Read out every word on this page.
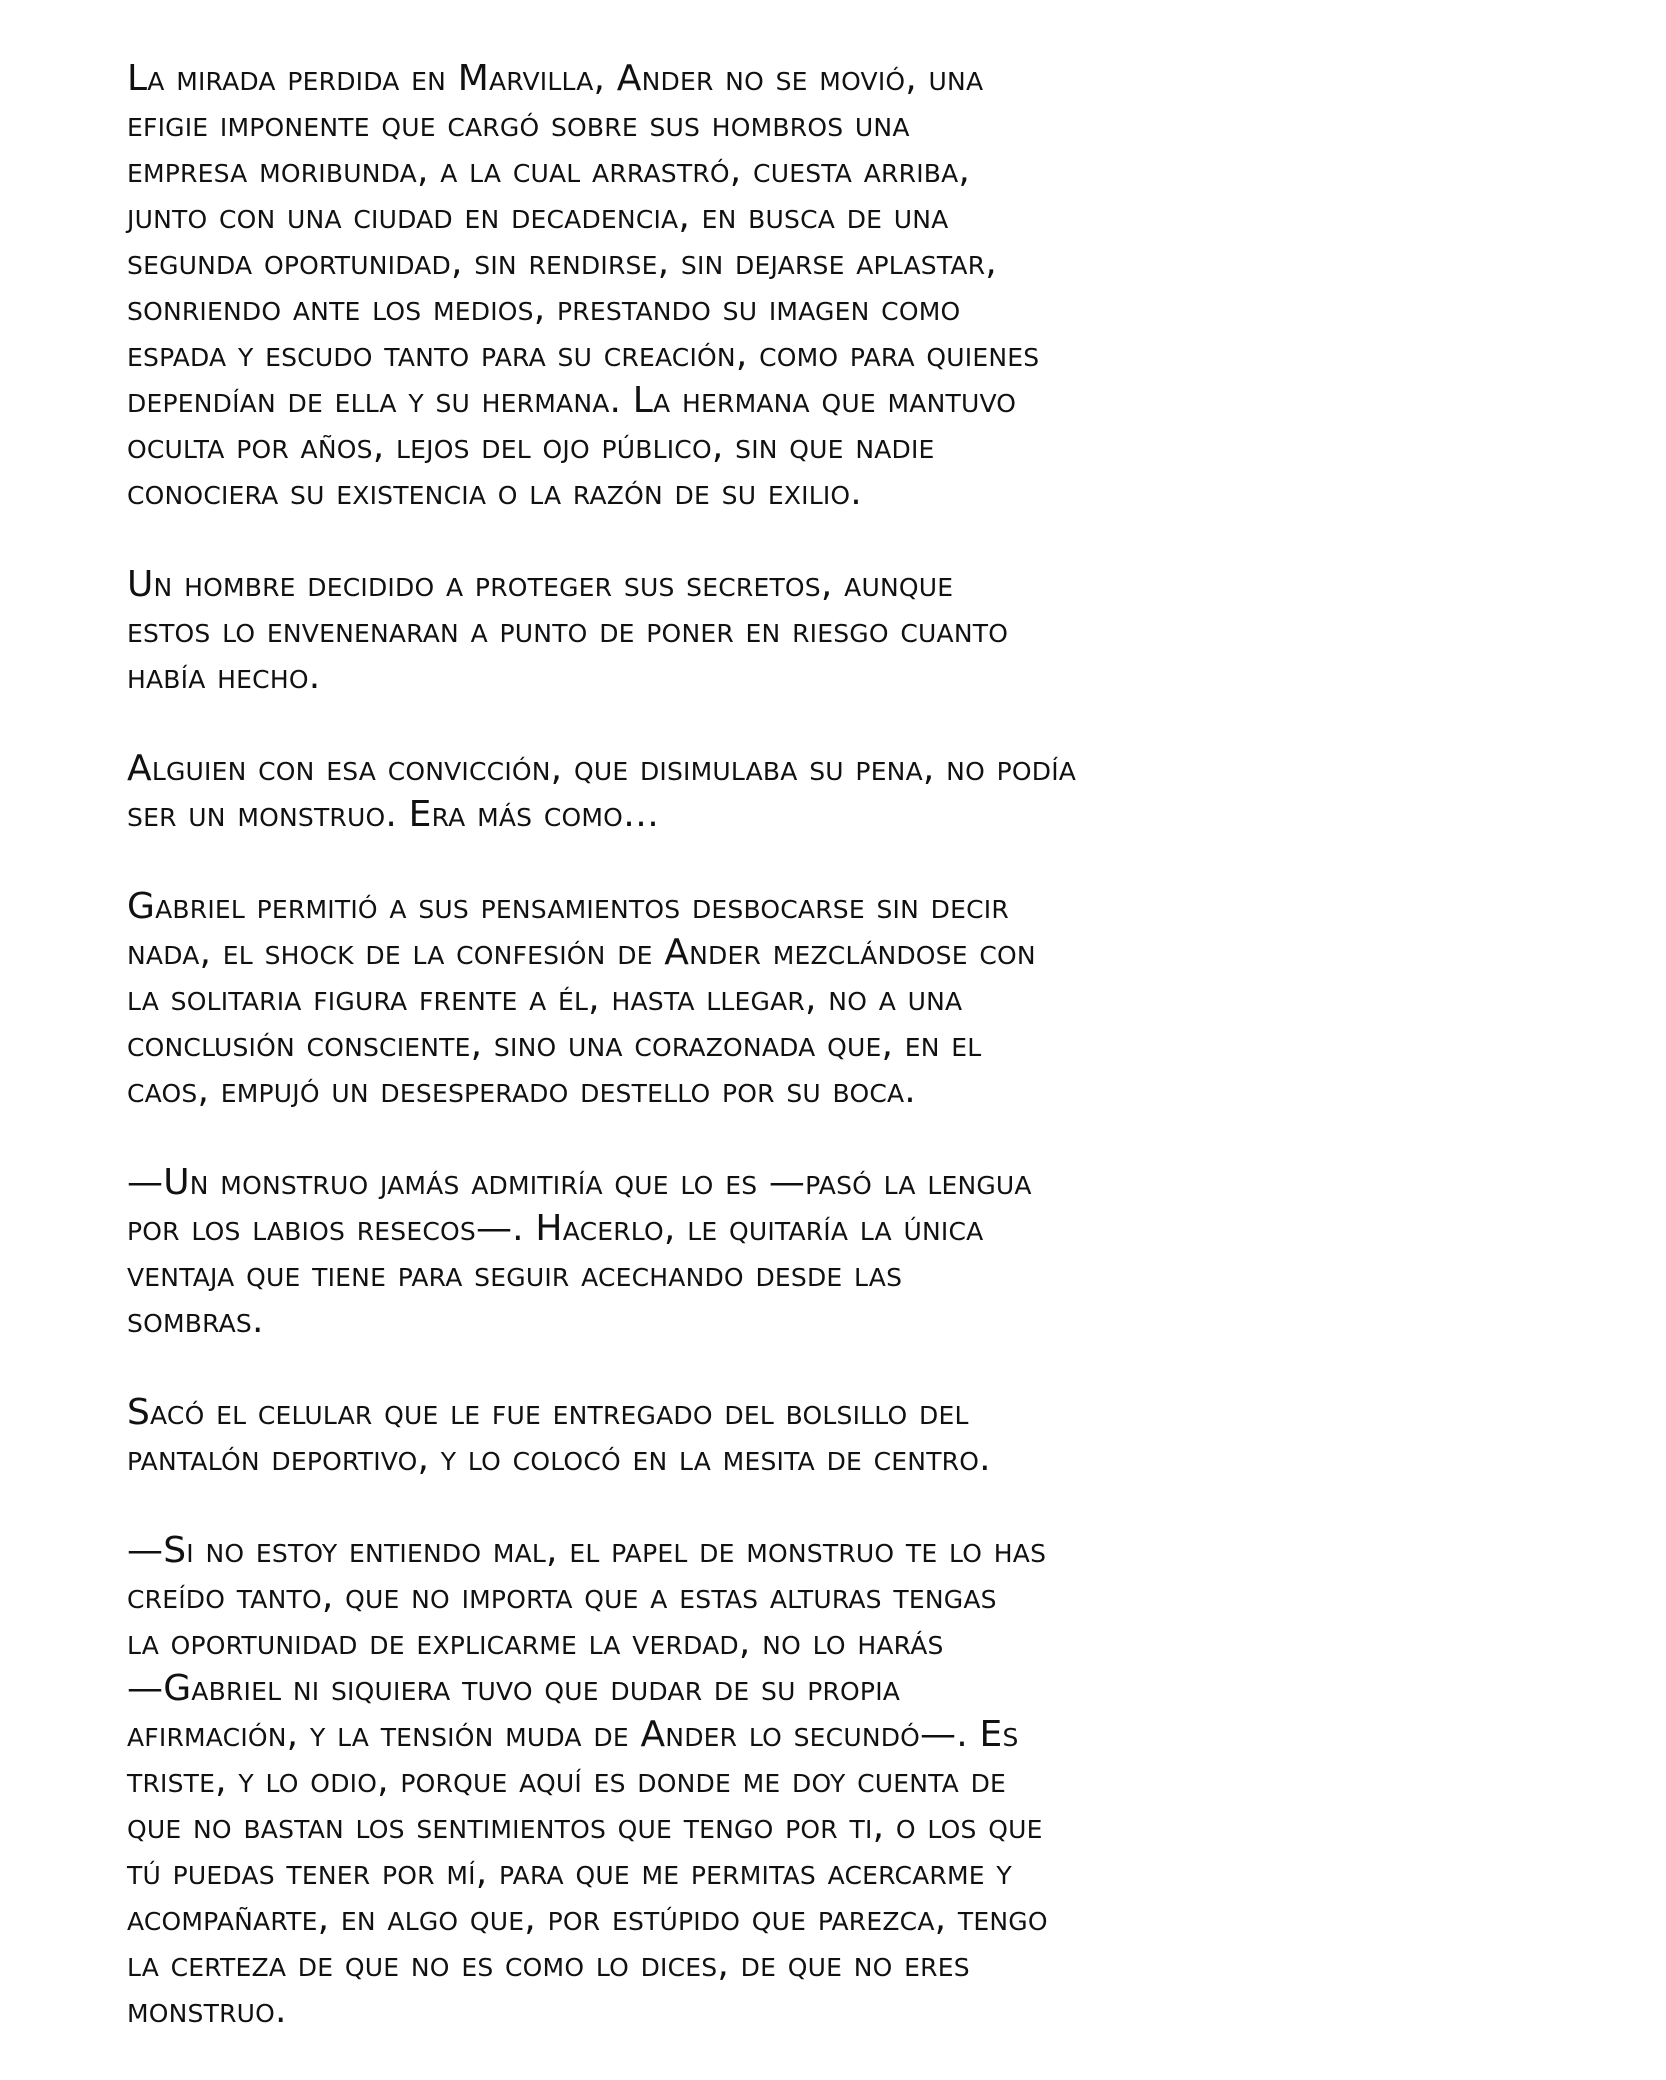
La mirada perdida en Marvilla, Ander no se movió, una
efigie imponente que cargó sobre sus hombros una
empresa moribunda, a la cual arrastró, cuesta arriba,
junto con una ciudad en decadencia, en busca de una
segunda oportunidad, sin rendirse, sin dejarse aplastar,
sonriendo ante los medios, prestando su imagen como
espada y escudo tanto para su creación, como para quienes
dependían de ella y su hermana. La hermana que mantuvo
oculta por años, lejos del ojo público, sin que nadie
conociera su existencia o la razón de su exilio.

Un hombre decidido a proteger sus secretos, aunque
estos lo envenenaran a punto de poner en riesgo cuanto
había hecho.

Alguien con esa convicción, que disimulaba su pena, no podía
ser un monstruo. Era más como…

Gabriel permitió a sus pensamientos desbocarse sin decir
nada, el shock de la confesión de Ander mezclándose con
la solitaria figura frente a él, hasta llegar, no a una
conclusión consciente, sino una corazonada que, en el
caos, empujó un desesperado destello por su boca.

—Un monstruo jamás admitiría que lo es —pasó la lengua
por los labios resecos—. Hacerlo, le quitaría la única
ventaja que tiene para seguir acechando desde las
sombras.

Sacó el celular que le fue entregado del bolsillo del
pantalón deportivo, y lo colocó en la mesita de centro.

—Si no estoy entiendo mal, el papel de monstruo te lo has
creído tanto, que no importa que a estas alturas tengas
la oportunidad de explicarme la verdad, no lo harás
—Gabriel ni siquiera tuvo que dudar de su propia
afirmación, y la tensión muda de Ander lo secundó—. Es
triste, y lo odio, porque aquí es donde me doy cuenta de
que no bastan los sentimientos que tengo por ti, o los que
tú puedas tener por mí, para que me permitas acercarme y
acompañarte, en algo que, por estúpido que parezca, tengo
la certeza de que no es como lo dices, de que no eres
monstruo.
